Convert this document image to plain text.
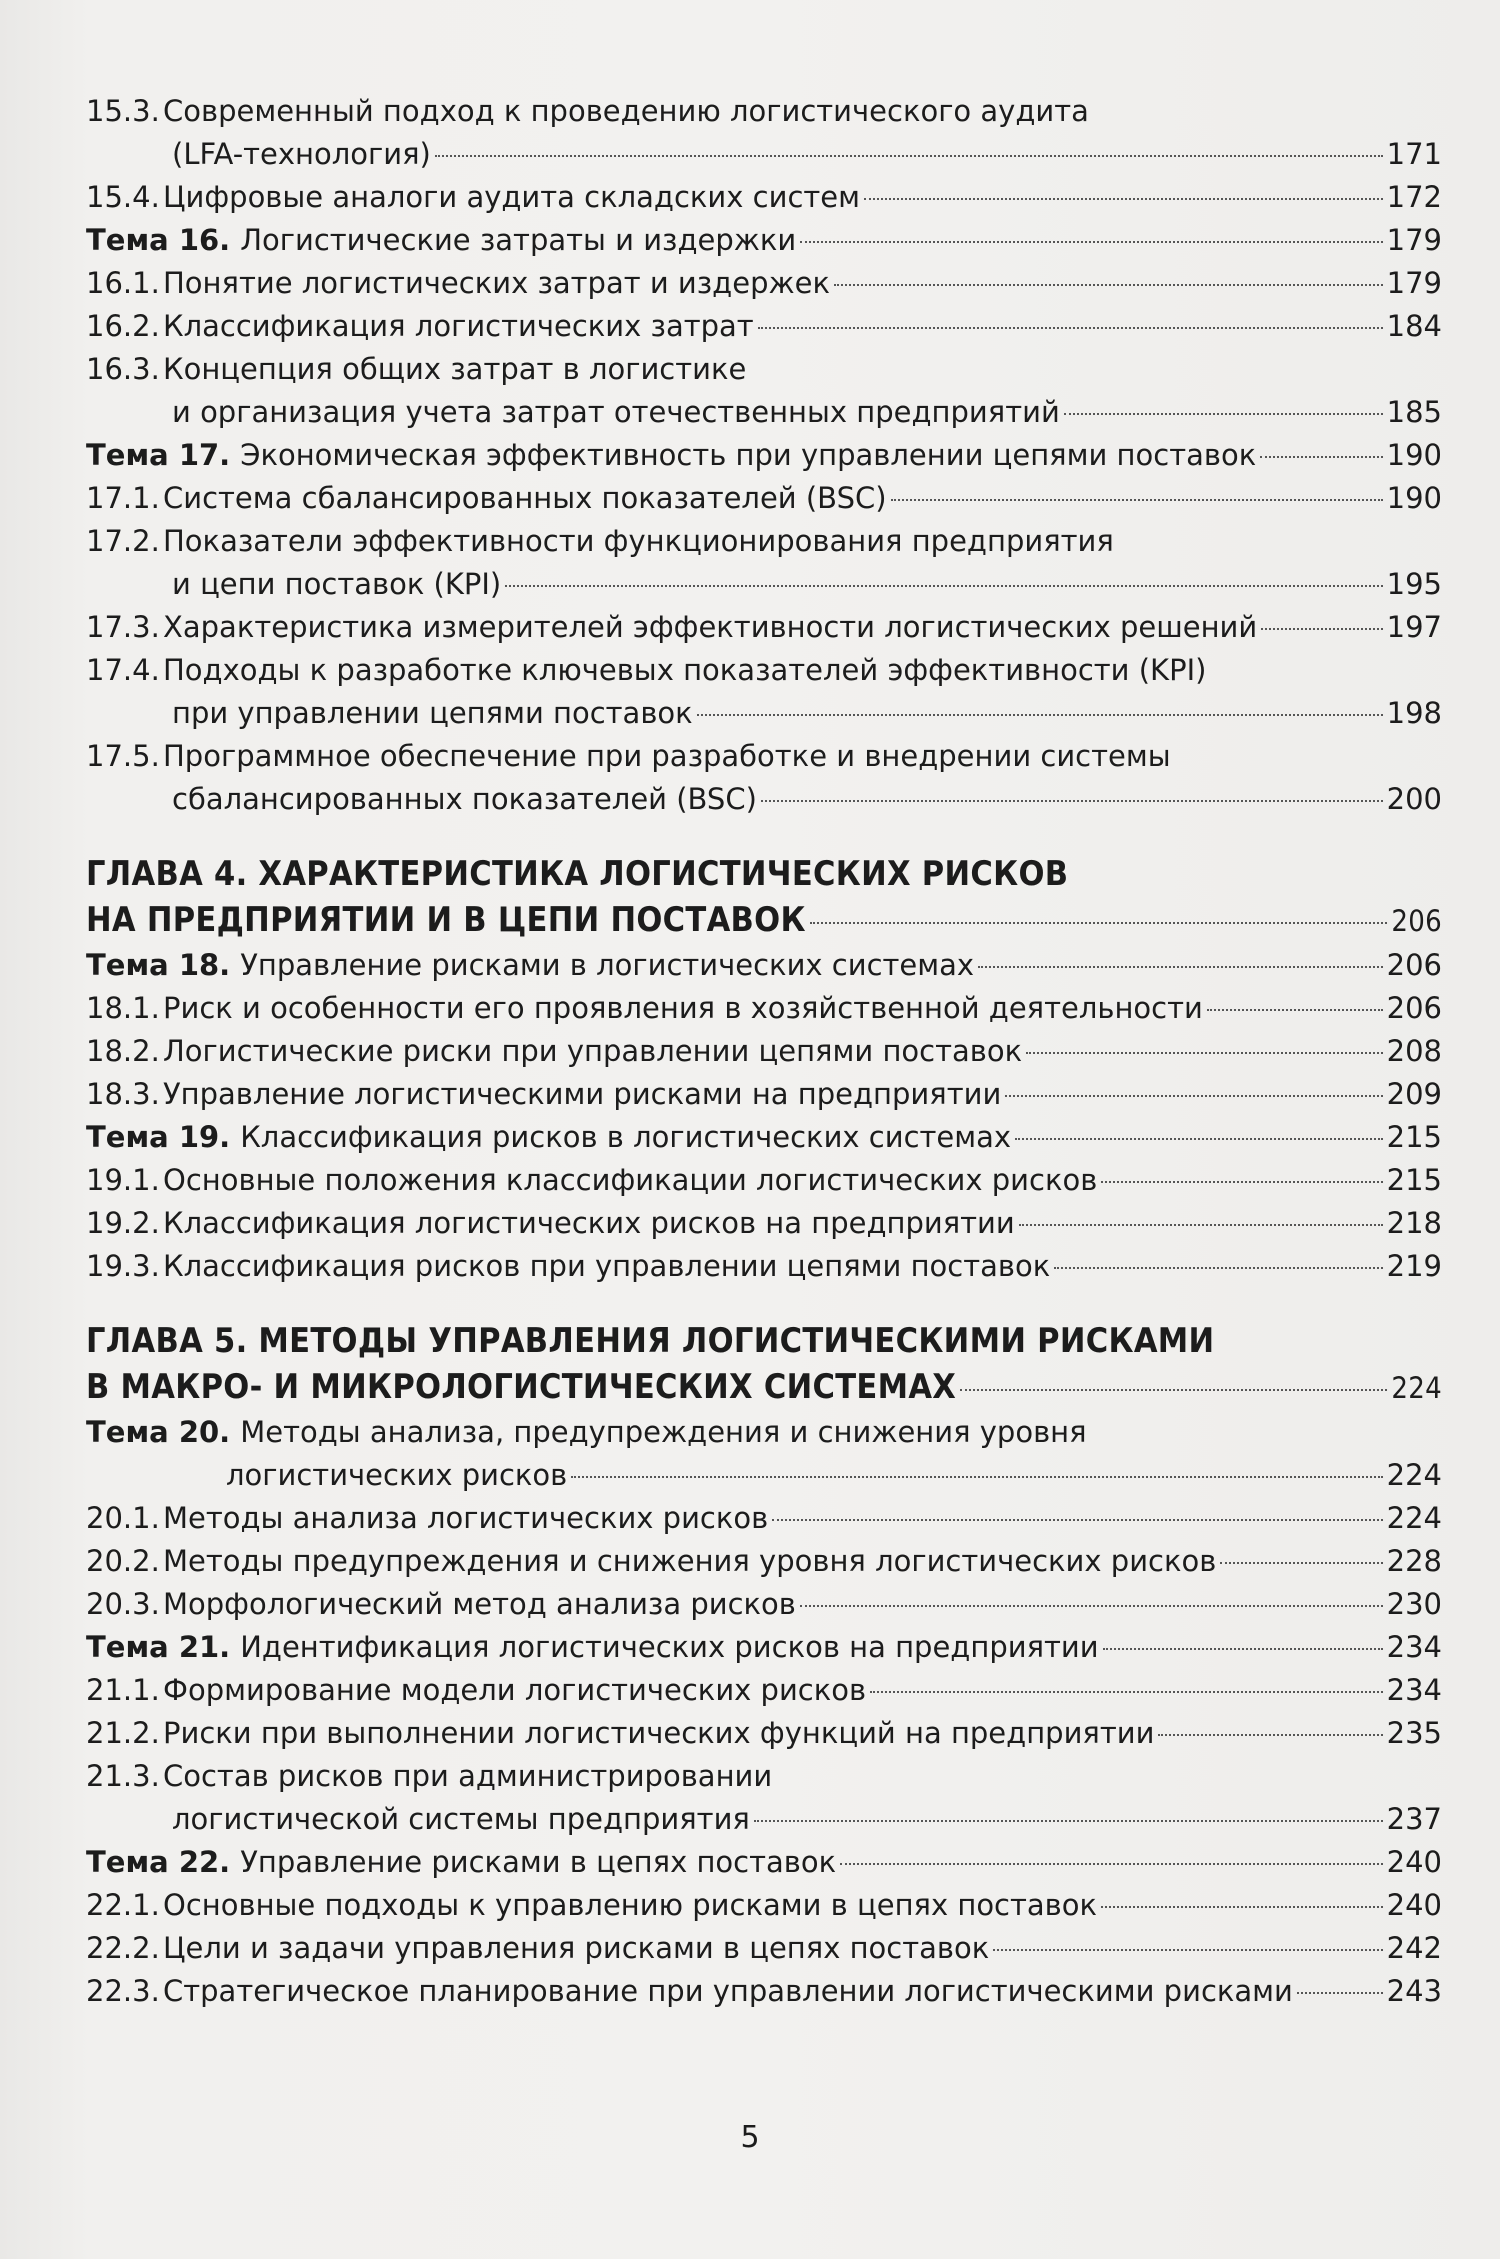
15.3. Современный подход к проведению логистического аудита
(LFA-технология)	171
15.4. Цифровые аналоги аудита складских систем	172
Тема 16. Логистические затраты и издержки	179
16.1. Понятие логистических затрат и издержек	179
16.2. Классификация логистических затрат	184
16.3. Концепция общих затрат в логистике
и организация учета затрат отечественных предприятий	185
Тема 17. Экономическая эффективность при управлении цепями поставок	190
17.1. Система сбалансированных показателей (BSC)	190
17.2. Показатели эффективности функционирования предприятия
и цепи поставок (KPI)	195
17.3. Характеристика измерителей эффективности логистических решений	197
17.4. Подходы к разработке ключевых показателей эффективности (KPI)
при управлении цепями поставок	198
17.5. Программное обеспечение при разработке и внедрении системы
сбалансированных показателей (BSC)	200
ГЛАВА 4. ХАРАКТЕРИСТИКА ЛОГИСТИЧЕСКИХ РИСКОВ
НА ПРЕДПРИЯТИИ И В ЦЕПИ ПОСТАВОК	206
Тема 18. Управление рисками в логистических системах	206
18.1. Риск и особенности его проявления в хозяйственной деятельности	206
18.2. Логистические риски при управлении цепями поставок	208
18.3. Управление логистическими рисками на предприятии	209
Тема 19. Классификация рисков в логистических системах	215
19.1. Основные положения классификации логистических рисков	215
19.2. Классификация логистических рисков на предприятии	218
19.3. Классификация рисков при управлении цепями поставок	219
ГЛАВА 5. МЕТОДЫ УПРАВЛЕНИЯ ЛОГИСТИЧЕСКИМИ РИСКАМИ
В МАКРО- И МИКРОЛОГИСТИЧЕСКИХ СИСТЕМАХ	224
Тема 20. Методы анализа, предупреждения и снижения уровня
логистических рисков	224
20.1. Методы анализа логистических рисков	224
20.2. Методы предупреждения и снижения уровня логистических рисков	228
20.3. Морфологический метод анализа рисков	230
Тема 21. Идентификация логистических рисков на предприятии	234
21.1. Формирование модели логистических рисков	234
21.2. Риски при выполнении логистических функций на предприятии	235
21.3. Состав рисков при администрировании
логистической системы предприятия	237
Тема 22. Управление рисками в цепях поставок	240
22.1. Основные подходы к управлению рисками в цепях поставок	240
22.2. Цели и задачи управления рисками в цепях поставок	242
22.3. Стратегическое планирование при управлении логистическими рисками	243
5
